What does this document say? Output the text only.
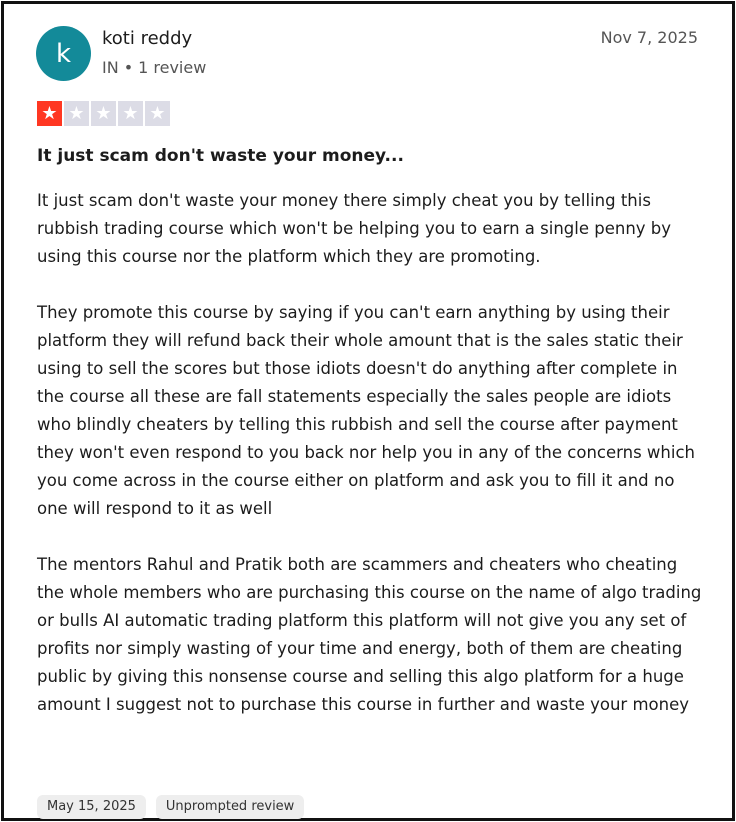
k	koti reddy
IN • 1 review
Nov 7, 2025
★ ★ ★ ★ ★
It just scam don't waste your money...

It just scam don't waste your money there simply cheat you by telling this rubbish trading course which won't be helping you to earn a single penny by using this course nor the platform which they are promoting.

They promote this course by saying if you can't earn anything by using their platform they will refund back their whole amount that is the sales static their using to sell the scores but those idiots doesn't do anything after complete in the course all these are fall statements especially the sales people are idiots who blindly cheaters by telling this rubbish and sell the course after payment they won't even respond to you back nor help you in any of the concerns which you come across in the course either on platform and ask you to fill it and no one will respond to it as well

The mentors Rahul and Pratik both are scammers and cheaters who cheating the whole members who are purchasing this course on the name of algo trading or bulls AI automatic trading platform this platform will not give you any set of profits nor simply wasting of your time and energy, both of them are cheating public by giving this nonsense course and selling this algo platform for a huge amount I suggest not to purchase this course in further and waste your money

May 15, 2025	Unprompted review
